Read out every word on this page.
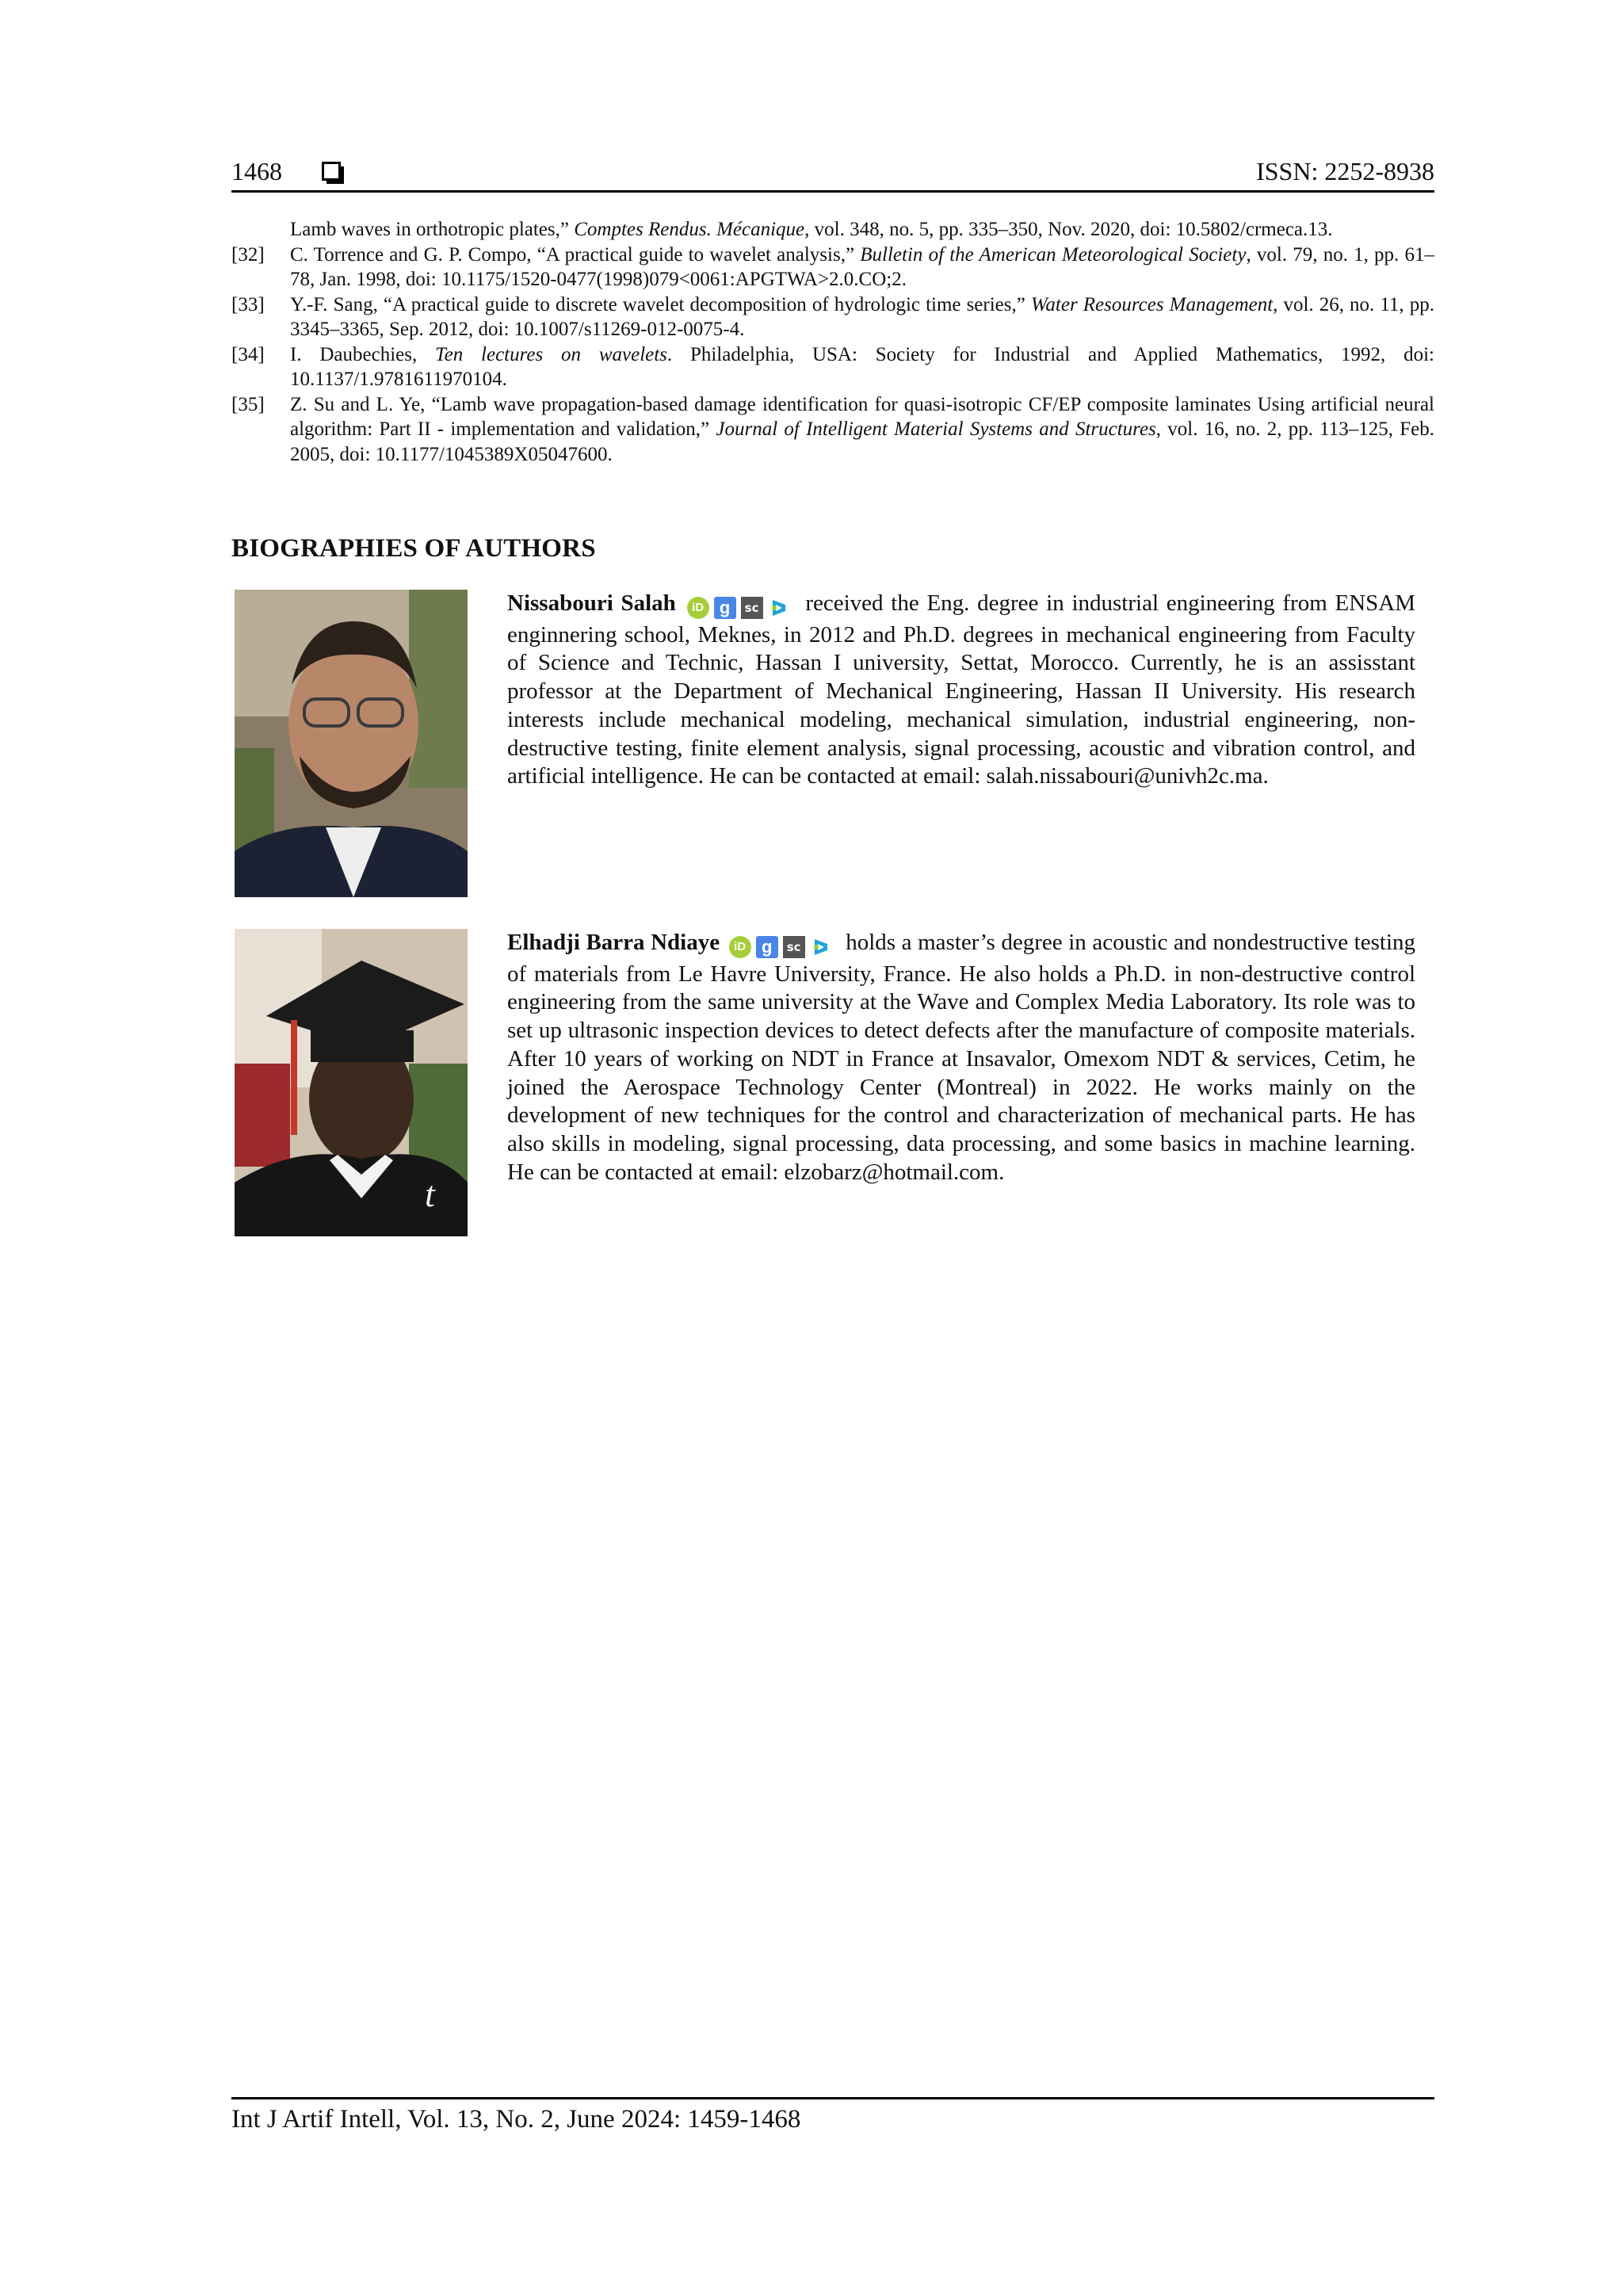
1468	ISSN: 2252-8938
Lamb waves in orthotropic plates,” Comptes Rendus. Mécanique, vol. 348, no. 5, pp. 335–350, Nov. 2020, doi: 10.5802/crmeca.13.
[32] C. Torrence and G. P. Compo, “A practical guide to wavelet analysis,” Bulletin of the American Meteorological Society, vol. 79, no. 1, pp. 61–78, Jan. 1998, doi: 10.1175/1520-0477(1998)079<0061:APGTWA>2.0.CO;2.
[33] Y.-F. Sang, “A practical guide to discrete wavelet decomposition of hydrologic time series,” Water Resources Management, vol. 26, no. 11, pp. 3345–3365, Sep. 2012, doi: 10.1007/s11269-012-0075-4.
[34] I. Daubechies, Ten lectures on wavelets. Philadelphia, USA: Society for Industrial and Applied Mathematics, 1992, doi: 10.1137/1.9781611970104.
[35] Z. Su and L. Ye, “Lamb wave propagation-based damage identification for quasi-isotropic CF/EP composite laminates Using artificial neural algorithm: Part II - implementation and validation,” Journal of Intelligent Material Systems and Structures, vol. 16, no. 2, pp. 113–125, Feb. 2005, doi: 10.1177/1045389X05047600.
BIOGRAPHIES OF AUTHORS
Nissabouri Salah iD g sc received the Eng. degree in industrial engineering from ENSAM enginnering school, Meknes, in 2012 and Ph.D. degrees in mechanical engineering from Faculty of Science and Technic, Hassan I university, Settat, Morocco. Currently, he is an assisstant professor at the Department of Mechanical Engineering, Hassan II University. His research interests include mechanical modeling, mechanical simulation, industrial engineering, non-destructive testing, finite element analysis, signal processing, acoustic and vibration control, and artificial intelligence. He can be contacted at email: salah.nissabouri@univh2c.ma.
t
Elhadji Barra Ndiaye iD g sc holds a master’s degree in acoustic and nondestructive testing of materials from Le Havre University, France. He also holds a Ph.D. in non-destructive control engineering from the same university at the Wave and Complex Media Laboratory. Its role was to set up ultrasonic inspection devices to detect defects after the manufacture of composite materials. After 10 years of working on NDT in France at Insavalor, Omexom NDT & services, Cetim, he joined the Aerospace Technology Center (Montreal) in 2022. He works mainly on the development of new techniques for the control and characterization of mechanical parts. He has also skills in modeling, signal processing, data processing, and some basics in machine learning. He can be contacted at email: elzobarz@hotmail.com.
Int J Artif Intell, Vol. 13, No. 2, June 2024: 1459-1468
